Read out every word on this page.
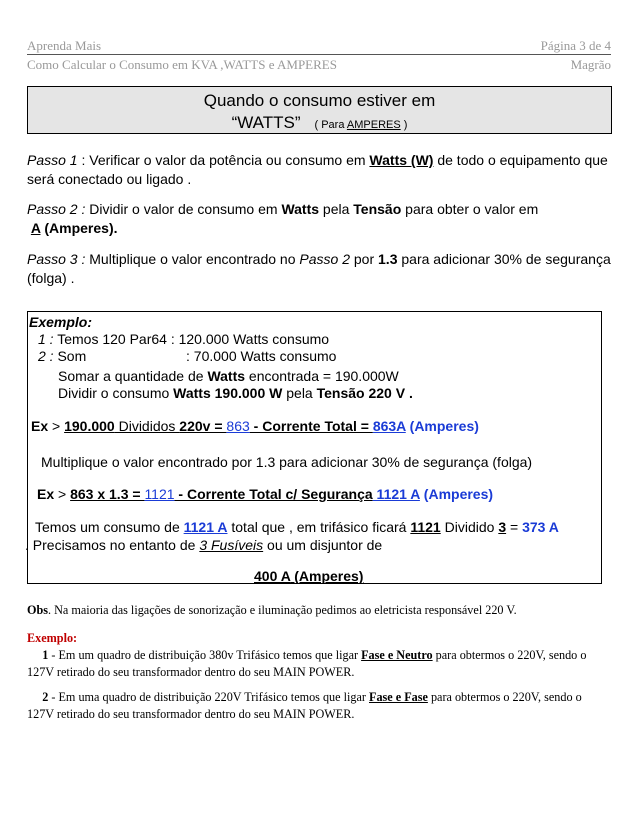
Aprenda Mais	Página 3 de 4
Como Calcular o Consumo em KVA ,WATTS e AMPERES	Magrão
Quando o consumo estiver em
“WATTS” ( Para AMPERES )
Passo 1 : Verificar o valor da potência ou consumo em Watts (W) de todo o equipamento que será conectado ou ligado .
Passo 2 : Dividir o valor de consumo em Watts pela Tensão para obter o valor em
A (Amperes).
Passo 3 : Multiplique o valor encontrado no Passo 2 por 1.3 para adicionar 30% de segurança (folga) .
Exemplo:
1 : Temos 120 Par64 : 120.000 Watts consumo
2 : Som	: 70.000 Watts consumo
Somar a quantidade de Watts encontrada = 190.000W
Dividir o consumo Watts 190.000 W pela Tensão 220 V .
Ex > 190.000 Divididos 220v = 863 - Corrente Total = 863A (Amperes)
Multiplique o valor encontrado por 1.3 para adicionar 30% de segurança (folga)
Ex > 863 x 1.3 = 1121 - Corrente Total c/ Segurança 1121 A (Amperes)
Temos um consumo de 1121 A total que , em trifásico ficará 1121 Dividido 3 = 373 A
. Precisamos no entanto de 3 Fusíveis ou um disjuntor de
400 A (Amperes)
Obs. Na maioria das ligações de sonorização e iluminação pedimos ao eletricista responsável 220 V.
Exemplo:
1 - Em um quadro de distribuição 380v Trifásico temos que ligar Fase e Neutro para obtermos o 220V, sendo o
127V retirado do seu transformador dentro do seu MAIN POWER.
2 - Em uma quadro de distribuição 220V Trifásico temos que ligar Fase e Fase para obtermos o 220V, sendo o
127V retirado do seu transformador dentro do seu MAIN POWER.
